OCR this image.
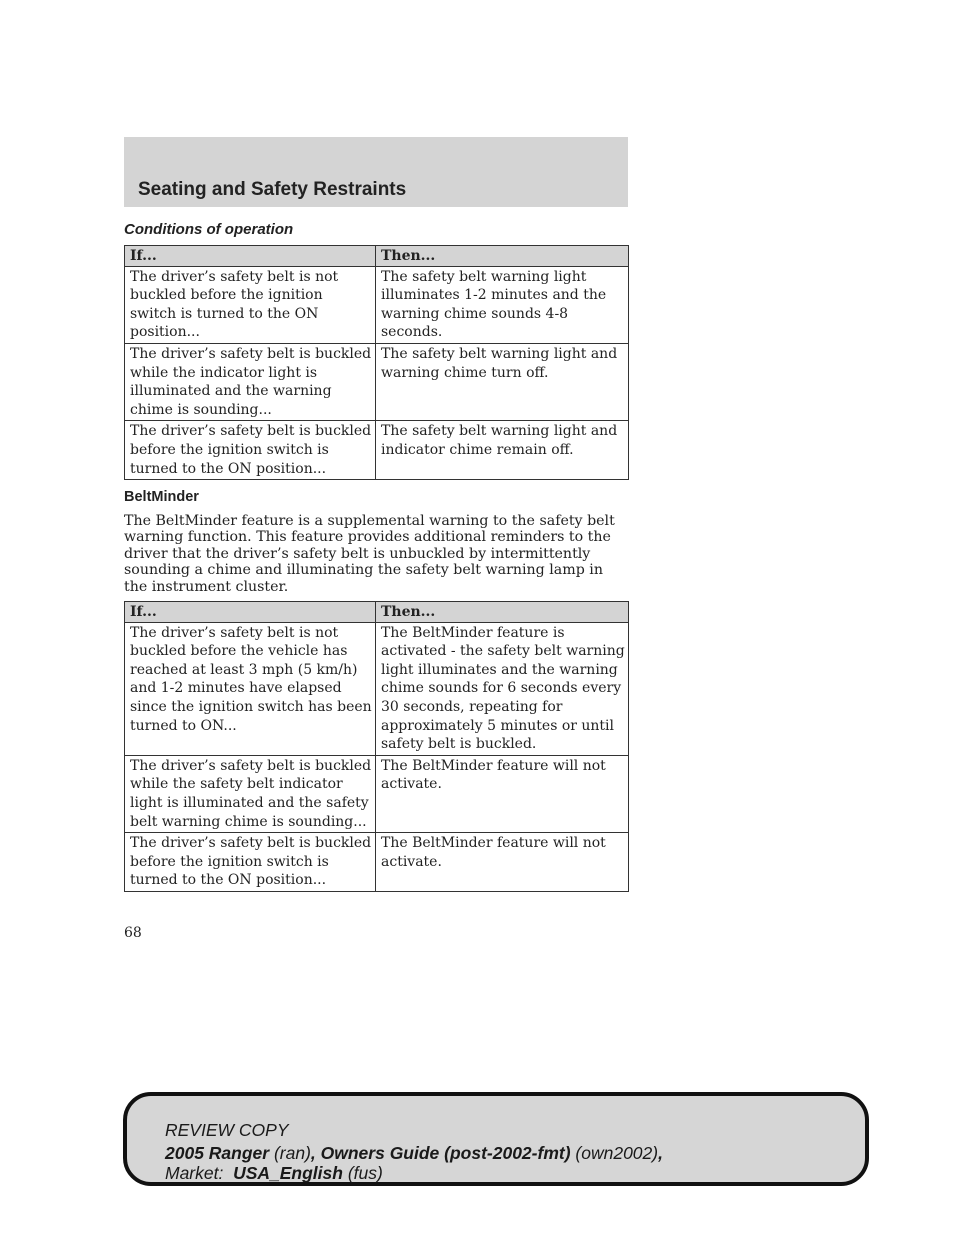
Seating and Safety Restraints
Conditions of operation
If...	Then...
The driver’s safety belt is not buckled before the ignition switch is turned to the ON position...	The safety belt warning light illuminates 1-2 minutes and the warning chime sounds 4-8 seconds.
The driver’s safety belt is buckled while the indicator light is illuminated and the warning chime is sounding...	The safety belt warning light and warning chime turn off.
The driver’s safety belt is buckled before the ignition switch is turned to the ON position...	The safety belt warning light and indicator chime remain off.
BeltMinder

The BeltMinder feature is a supplemental warning to the safety belt warning function. This feature provides additional reminders to the driver that the driver’s safety belt is unbuckled by intermittently sounding a chime and illuminating the safety belt warning lamp in the instrument cluster.

If...	Then...
The driver’s safety belt is not buckled before the vehicle has reached at least 3 mph (5 km/h) and 1-2 minutes have elapsed since the ignition switch has been turned to ON...	The BeltMinder feature is activated - the safety belt warning light illuminates and the warning chime sounds for 6 seconds every 30 seconds, repeating for approximately 5 minutes or until safety belt is buckled.
The driver’s safety belt is buckled while the safety belt indicator light is illuminated and the safety belt warning chime is sounding...	The BeltMinder feature will not activate.
The driver’s safety belt is buckled before the ignition switch is turned to the ON position...	The BeltMinder feature will not activate.

68

REVIEW COPY

2005 Ranger (ran), Owners Guide (post-2002-fmt) (own2002),

Market:  USA_English (fus)
